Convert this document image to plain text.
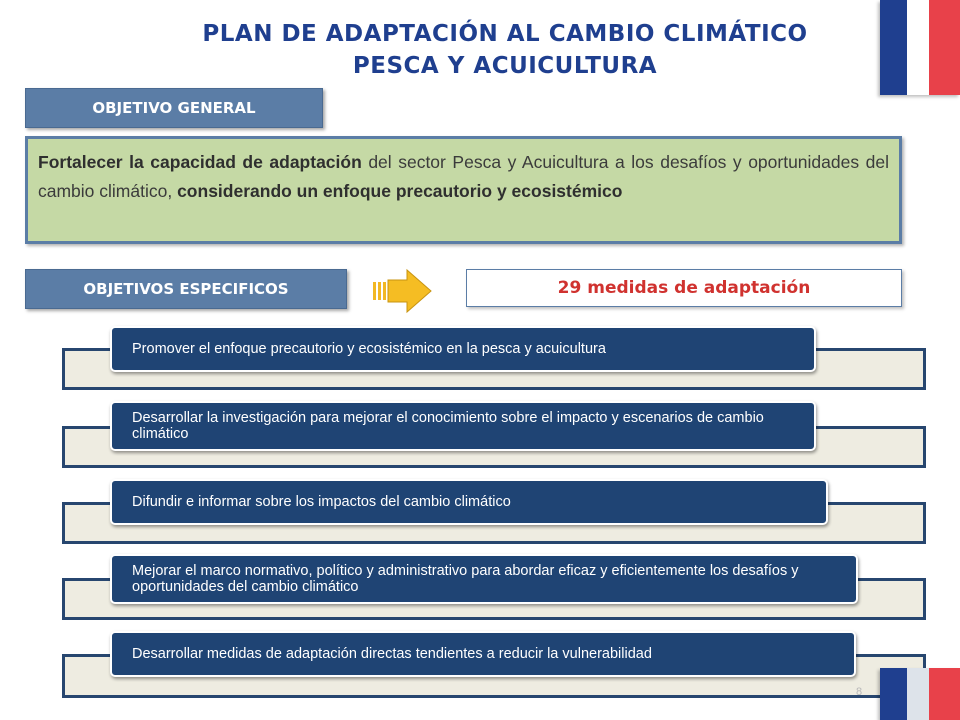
PLAN DE ADAPTACIÓN AL CAMBIO CLIMÁTICO
PESCA Y ACUICULTURA
OBJETIVO GENERAL
Fortalecer la capacidad de adaptación del sector Pesca y Acuicultura a los desafíos y oportunidades del cambio climático, considerando un enfoque precautorio y ecosistémico
OBJETIVOS ESPECIFICOS	29 medidas de adaptación
Promover el enfoque precautorio y ecosistémico en la pesca y acuicultura
Desarrollar la investigación para mejorar el conocimiento sobre el impacto y escenarios de cambio climático
Difundir e informar sobre los impactos del cambio climático
Mejorar el marco normativo, político y administrativo para abordar eficaz y eficientemente los desafíos y oportunidades del cambio climático
Desarrollar medidas de adaptación directas tendientes a reducir la vulnerabilidad
8
